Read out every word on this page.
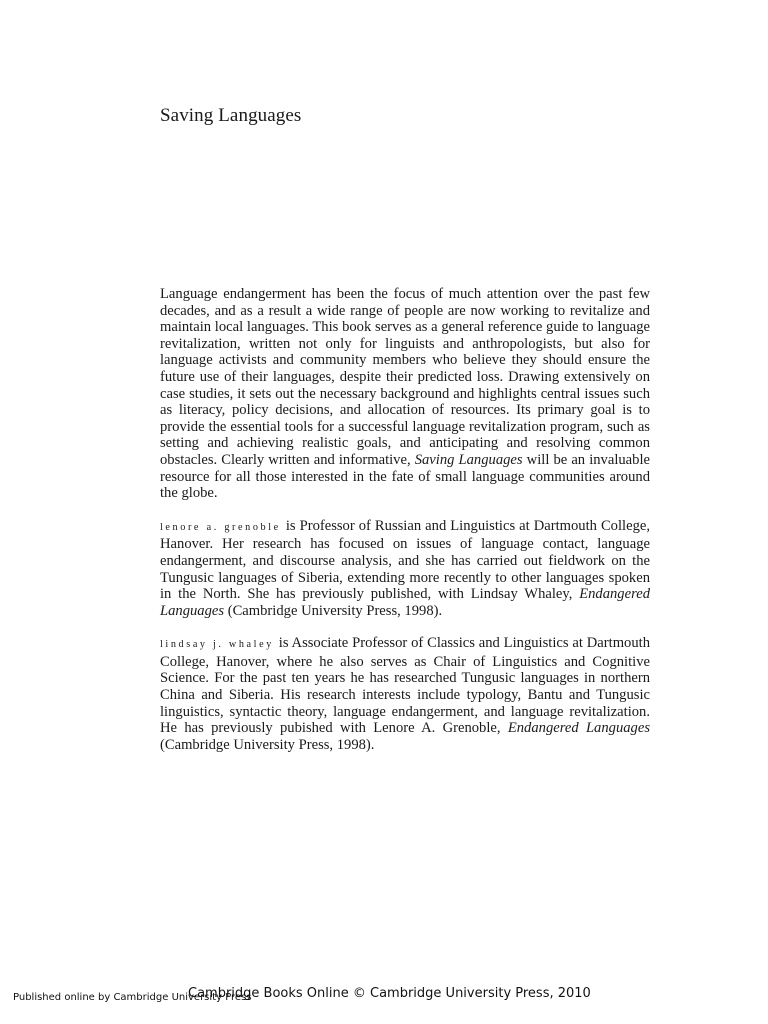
Saving Languages

Language endangerment has been the focus of much attention over the past few decades, and as a result a wide range of people are now working to revitalize and maintain local languages. This book serves as a general reference guide to language revitalization, written not only for linguists and anthropologists, but also for language activists and community members who believe they should ensure the future use of their languages, despite their predicted loss. Drawing extensively on case studies, it sets out the necessary background and highlights central issues such as literacy, policy decisions, and allocation of resources. Its primary goal is to provide the essential tools for a successful language revitalization program, such as setting and achieving realistic goals, and anticipating and resolving common obstacles. Clearly written and informative, Saving Languages will be an invaluable resource for all those interested in the fate of small language communities around the globe.

lenore a. grenoble is Professor of Russian and Linguistics at Dartmouth College, Hanover. Her research has focused on issues of language contact, language endangerment, and discourse analysis, and she has carried out fieldwork on the Tungusic languages of Siberia, extending more recently to other languages spoken in the North. She has previously published, with Lindsay Whaley, Endangered Languages (Cambridge University Press, 1998).

lindsay j. whaley is Associate Professor of Classics and Linguistics at Dartmouth College, Hanover, where he also serves as Chair of Linguistics and Cognitive Science. For the past ten years he has researched Tungusic languages in northern China and Siberia. His research interests include typology, Bantu and Tungusic linguistics, syntactic theory, language endangerment, and language revitalization. He has previously pubished with Lenore A. Grenoble, Endangered Languages (Cambridge University Press, 1998).

Published online by Cambridge University Press
Cambridge Books Online © Cambridge University Press, 2010
